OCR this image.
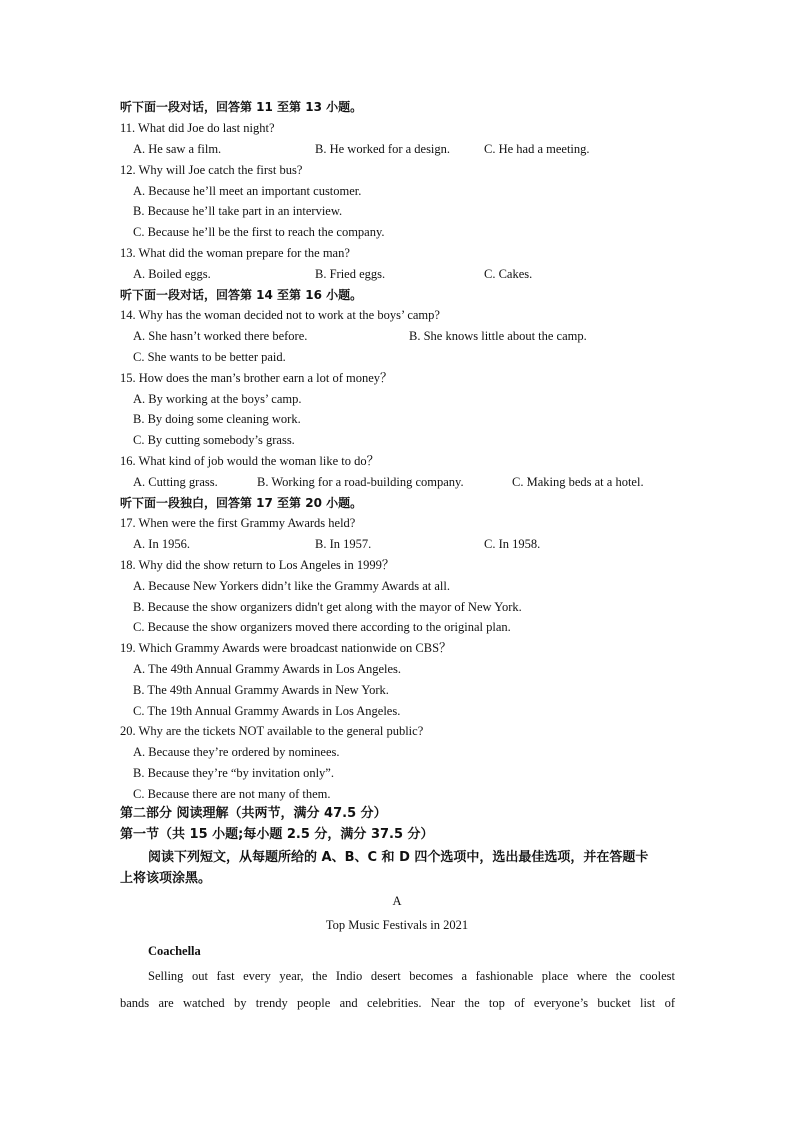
听下面一段对话，回答第 11 至第 13 小题。
11. What did Joe do last night?
A. He saw a film.	B. He worked for a design.	C. He had a meeting.
12. Why will Joe catch the first bus?
A. Because he’ll meet an important customer.
B. Because he’ll take part in an interview.
C. Because he’ll be the first to reach the company.
13. What did the woman prepare for the man?
A. Boiled eggs.	B. Fried eggs.	C. Cakes.
听下面一段对话，回答第 14 至第 16 小题。
14. Why has the woman decided not to work at the boys’ camp?
A. She hasn’t worked there before.	B. She knows little about the camp.
C. She wants to be better paid.
15. How does the man’s brother earn a lot of money？
A. By working at the boys’ camp.
B. By doing some cleaning work.
C. By cutting somebody’s grass.
16. What kind of job would the woman like to do？
A. Cutting grass.	B. Working for a road-building company.	C. Making beds at a hotel.
听下面一段独白，回答第 17 至第 20 小题。
17. When were the first Grammy Awards held?
A. In 1956.	B. In 1957.	C. In 1958.
18. Why did the show return to Los Angeles in 1999？
A. Because New Yorkers didn’t like the Grammy Awards at all.
B. Because the show organizers didn't get along with the mayor of New York.
C. Because the show organizers moved there according to the original plan.
19. Which Grammy Awards were broadcast nationwide on CBS？
A. The 49th Annual Grammy Awards in Los Angeles.
B. The 49th Annual Grammy Awards in New York.
C. The 19th Annual Grammy Awards in Los Angeles.
20. Why are the tickets NOT available to the general public?
A. Because they’re ordered by nominees.
B. Because they’re “by invitation only”.
C. Because there are not many of them.
第二部分 阅读理解（共两节，满分 47.5 分）
第一节（共 15 小题;每小题 2.5 分，满分 37.5 分）
阅读下列短文，从每题所给的 A、B、C 和 D 四个选项中，选出最佳选项，并在答题卡
上将该项涂黑。
A
Top Music Festivals in 2021
Coachella
Selling out fast every year, the Indio desert becomes a fashionable place where the coolest
bands are watched by trendy people and celebrities. Near the top of everyone’s bucket list of
